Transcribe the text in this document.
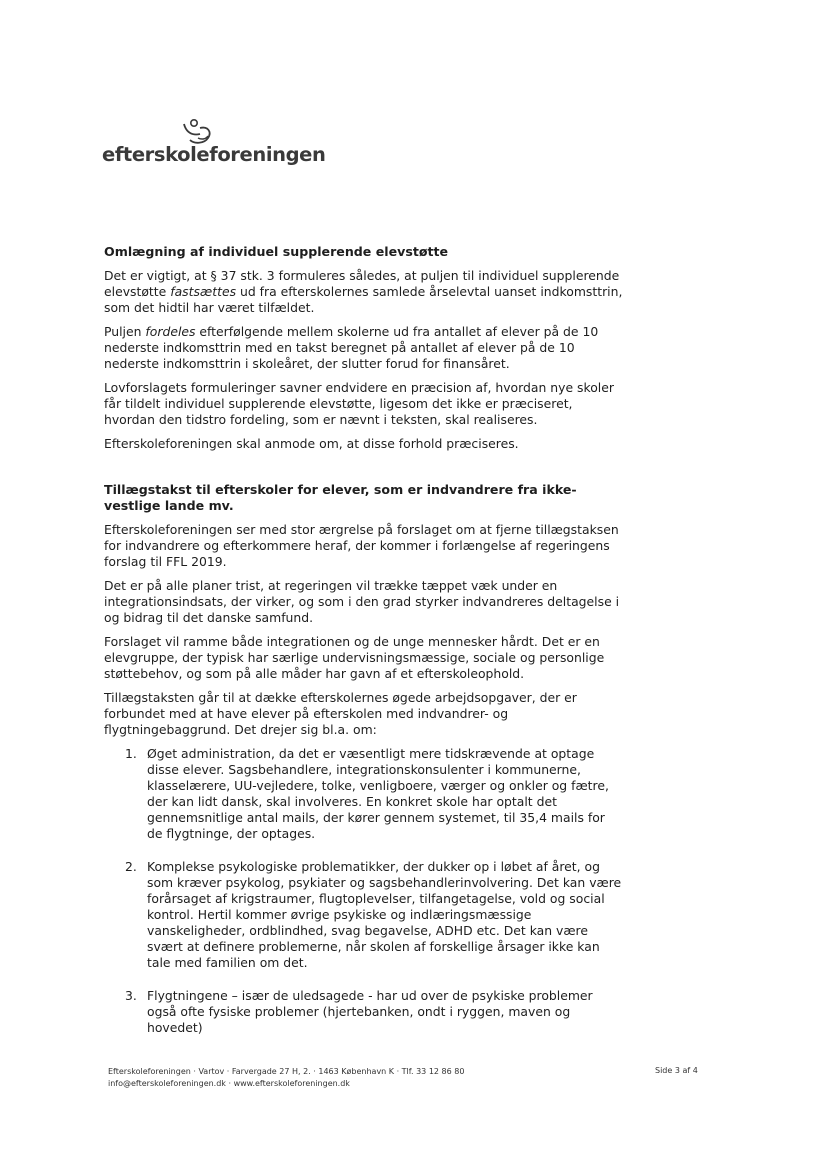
efterskoleforeningen
Omlægning af individuel supplerende elevstøtte

Det er vigtigt, at § 37 stk. 3 formuleres således, at puljen til individuel supplerende elevstøtte fastsættes ud fra efterskolernes samlede årselevtal uanset indkomsttrin, som det hidtil har været tilfældet.

Puljen fordeles efterfølgende mellem skolerne ud fra antallet af elever på de 10 nederste indkomsttrin med en takst beregnet på antallet af elever på de 10 nederste indkomsttrin i skoleåret, der slutter forud for finansåret.

Lovforslagets formuleringer savner endvidere en præcision af, hvordan nye skoler får tildelt individuel supplerende elevstøtte, ligesom det ikke er præciseret, hvordan den tidstro fordeling, som er nævnt i teksten, skal realiseres.

Efterskoleforeningen skal anmode om, at disse forhold præciseres.

Tillægstakst til efterskoler for elever, som er indvandrere fra ikke-vestlige lande mv.

Efterskoleforeningen ser med stor ærgrelse på forslaget om at fjerne tillægstaksen for indvandrere og efterkommere heraf, der kommer i forlængelse af regeringens forslag til FFL 2019.

Det er på alle planer trist, at regeringen vil trække tæppet væk under en integrationsindsats, der virker, og som i den grad styrker indvandreres deltagelse i og bidrag til det danske samfund.

Forslaget vil ramme både integrationen og de unge mennesker hårdt. Det er en elevgruppe, der typisk har særlige undervisningsmæssige, sociale og personlige støttebehov, og som på alle måder har gavn af et efterskoleophold.

Tillægstaksten går til at dække efterskolernes øgede arbejdsopgaver, der er forbundet med at have elever på efterskolen med indvandrer- og flygtningebaggrund. Det drejer sig bl.a. om:

1. Øget administration, da det er væsentligt mere tidskrævende at optage disse elever. Sagsbehandlere, integrationskonsulenter i kommunerne, klasselærere, UU-vejledere, tolke, venligboere, værger og onkler og fætre, der kan lidt dansk, skal involveres. En konkret skole har optalt det gennemsnitlige antal mails, der kører gennem systemet, til 35,4 mails for de flygtninge, der optages.
2. Komplekse psykologiske problematikker, der dukker op i løbet af året, og som kræver psykolog, psykiater og sagsbehandlerinvolvering. Det kan være forårsaget af krigstraumer, flugtoplevelser, tilfangetagelse, vold og social kontrol. Hertil kommer øvrige psykiske og indlæringsmæssige vanskeligheder, ordblindhed, svag begavelse, ADHD etc. Det kan være svært at definere problemerne, når skolen af forskellige årsager ikke kan tale med familien om det.
3. Flygtningene – især de uledsagede - har ud over de psykiske problemer også ofte fysiske problemer (hjertebanken, ondt i ryggen, maven og hovedet)
Efterskoleforeningen · Vartov · Farvergade 27 H, 2. · 1463 København K · Tlf. 33 12 86 80
info@efterskoleforeningen.dk · www.efterskoleforeningen.dk
Side 3 af 4
